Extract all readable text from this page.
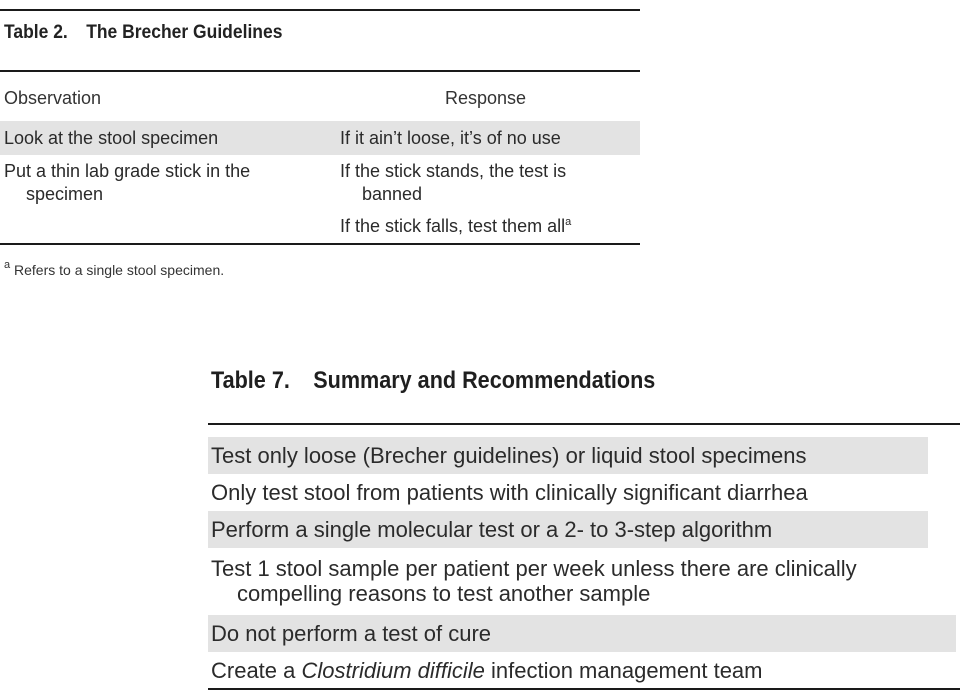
Table 2. The Brecher Guidelines
Observation	Response
Look at the stool specimen	If it ain’t loose, it’s of no use
Put a thin lab grade stick in the
specimen
If the stick stands, the test is
banned
If the stick falls, test them all$^a$
$^a$ Refers to a single stool specimen.
Table 7. Summary and Recommendations
Test only loose (Brecher guidelines) or liquid stool specimens
Only test stool from patients with clinically significant diarrhea
Perform a single molecular test or a 2- to 3-step algorithm
Test 1 stool sample per patient per week unless there are clinically
compelling reasons to test another sample
Do not perform a test of cure
Create a Clostridium difficile infection management team
